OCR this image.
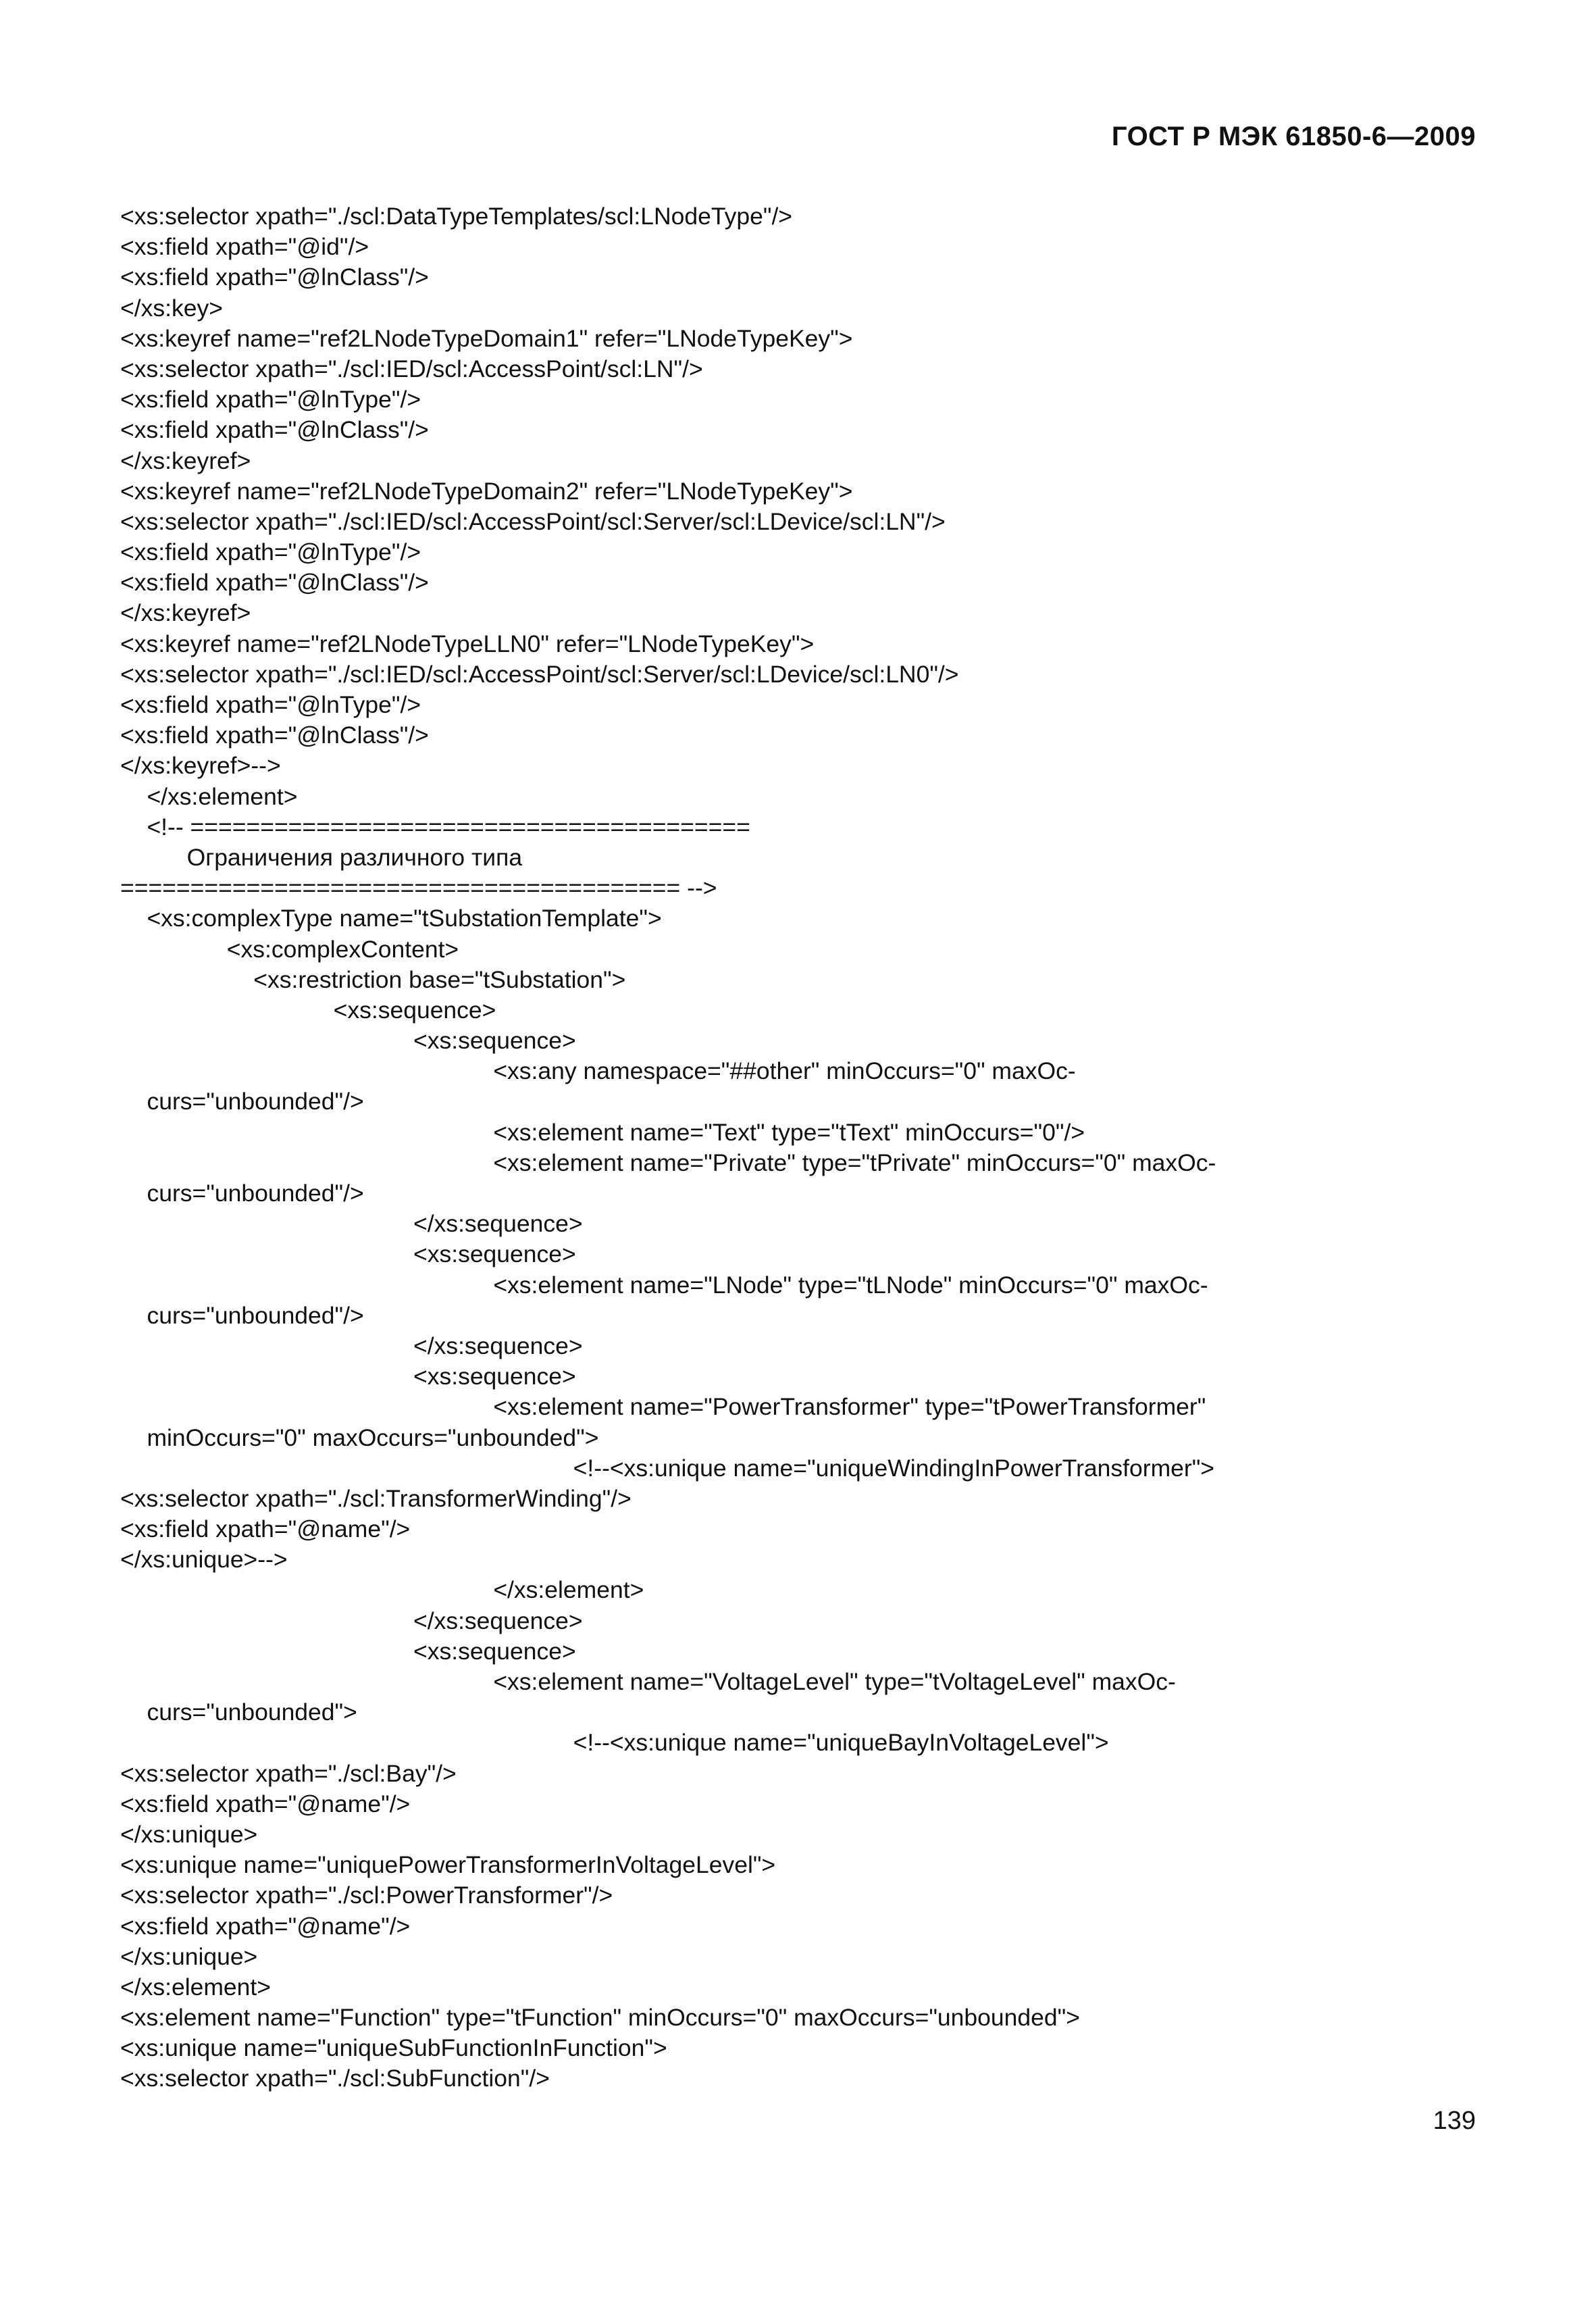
ГОСТ Р МЭК 61850-6—2009
<xs:selector xpath="./scl:DataTypeTemplates/scl:LNodeType"/>
<xs:field xpath="@id"/>
<xs:field xpath="@lnClass"/>
</xs:key>
<xs:keyref name="ref2LNodeTypeDomain1" refer="LNodeTypeKey">
<xs:selector xpath="./scl:IED/scl:AccessPoint/scl:LN"/>
<xs:field xpath="@lnType"/>
<xs:field xpath="@lnClass"/>
</xs:keyref>
<xs:keyref name="ref2LNodeTypeDomain2" refer="LNodeTypeKey">
<xs:selector xpath="./scl:IED/scl:AccessPoint/scl:Server/scl:LDevice/scl:LN"/>
<xs:field xpath="@lnType"/>
<xs:field xpath="@lnClass"/>
</xs:keyref>
<xs:keyref name="ref2LNodeTypeLLN0" refer="LNodeTypeKey">
<xs:selector xpath="./scl:IED/scl:AccessPoint/scl:Server/scl:LDevice/scl:LN0"/>
<xs:field xpath="@lnType"/>
<xs:field xpath="@lnClass"/>
</xs:keyref>-->
</xs:element>
<!-- ========================================
Ограничения различного типа
======================================== -->
<xs:complexType name="tSubstationTemplate">
<xs:complexContent>
<xs:restriction base="tSubstation">
<xs:sequence>
<xs:sequence>
<xs:any namespace="##other" minOccurs="0" maxOc-
curs="unbounded"/>
<xs:element name="Text" type="tText" minOccurs="0"/>
<xs:element name="Private" type="tPrivate" minOccurs="0" maxOc-
curs="unbounded"/>
</xs:sequence>
<xs:sequence>
<xs:element name="LNode" type="tLNode" minOccurs="0" maxOc-
curs="unbounded"/>
</xs:sequence>
<xs:sequence>
<xs:element name="PowerTransformer" type="tPowerTransformer"
minOccurs="0" maxOccurs="unbounded">
<!--<xs:unique name="uniqueWindingInPowerTransformer">
<xs:selector xpath="./scl:TransformerWinding"/>
<xs:field xpath="@name"/>
</xs:unique>-->
</xs:element>
</xs:sequence>
<xs:sequence>
<xs:element name="VoltageLevel" type="tVoltageLevel" maxOc-
curs="unbounded">
<!--<xs:unique name="uniqueBayInVoltageLevel">
<xs:selector xpath="./scl:Bay"/>
<xs:field xpath="@name"/>
</xs:unique>
<xs:unique name="uniquePowerTransformerInVoltageLevel">
<xs:selector xpath="./scl:PowerTransformer"/>
<xs:field xpath="@name"/>
</xs:unique>
</xs:element>
<xs:element name="Function" type="tFunction" minOccurs="0" maxOccurs="unbounded">
<xs:unique name="uniqueSubFunctionInFunction">
<xs:selector xpath="./scl:SubFunction"/>
139
